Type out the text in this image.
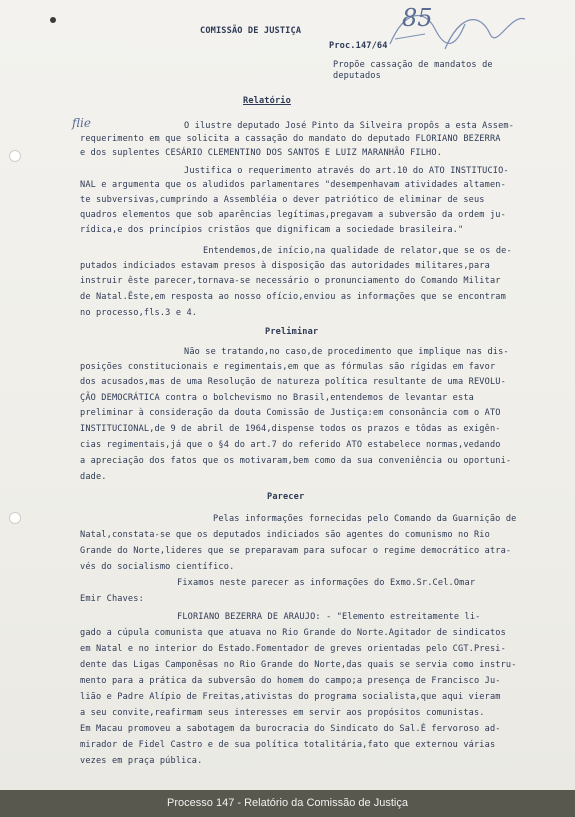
85
flie
COMISSÃO DE JUSTIÇA
Proc.147/64
Propõe cassação de mandatos de
deputados
Relatório
O ilustre deputado José Pinto da Silveira propôs a esta Assem-
requerimento em que solicita a cassação do mandato do deputado FLORIANO BEZERRA
e dos suplentes CESÁRIO CLEMENTINO DOS SANTOS E LUIZ MARANHÃO FILHO.
Justifica o requerimento através do art.10 do ATO INSTITUCIO-
NAL e argumenta que os aludidos parlamentares "desempenhavam atividades altamen-
te subversivas,cumprindo a Assembléia o dever patriótico de eliminar de seus
quadros elementos que sob aparências legítimas,pregavam a subversão da ordem ju-
rídica,e dos princípios cristãos que dignificam a sociedade brasileira."
Entendemos,de início,na qualidade de relator,que se os de-
putados indiciados estavam presos à disposição das autoridades militares,para
instruir êste parecer,tornava-se necessário o pronunciamento do Comando Militar
de Natal.Êste,em resposta ao nosso ofício,enviou as informações que se encontram
no processo,fls.3 e 4.
Preliminar
Não se tratando,no caso,de procedimento que implique nas dis-
posições constitucionais e regimentais,em que as fórmulas são rígidas em favor
dos acusados,mas de uma Resolução de natureza política resultante de uma REVOLU-
ÇÃO DEMOCRÁTICA contra o bolchevismo no Brasil,entendemos de levantar esta
preliminar à consideração da douta Comissão de Justiça:em consonância com o ATO
INSTITUCIONAL,de 9 de abril de 1964,dispense todos os prazos e tôdas as exigên-
cias regimentais,já que o §4 do art.7 do referido ATO estabelece normas,vedando
a apreciação dos fatos que os motivaram,bem como da sua conveniência ou oportuni-
dade.
Parecer
Pelas informações fornecidas pelo Comando da Guarnição de
Natal,constata-se que os deputados indiciados são agentes do comunismo no Rio
Grande do Norte,lideres que se preparavam para sufocar o regime democrático atra-
vés do socialismo científico.
Fixamos neste parecer as informações do Exmo.Sr.Cel.Omar
Emir Chaves:
FLORIANO BEZERRA DE ARAUJO: - "Elemento estreitamente li-
gado a cúpula comunista que atuava no Rio Grande do Norte.Agitador de sindicatos
em Natal e no interior do Estado.Fomentador de greves orientadas pelo CGT.Presi-
dente das Ligas Camponêsas no Rio Grande do Norte,das quais se servia como instru-
mento para a prática da subversão do homem do campo;a presença de Francisco Ju-
lião e Padre Alípio de Freitas,ativistas do programa socialista,que aqui vieram
a seu convite,reafirmam seus interesses em servir aos propósitos comunistas.
Em Macau promoveu a sabotagem da burocracia do Sindicato do Sal.É fervoroso ad-
mirador de Fidel Castro e de sua política totalitária,fato que externou várias
vezes em praça pública.
Processo 147 - Relatório da Comissão de Justiça
